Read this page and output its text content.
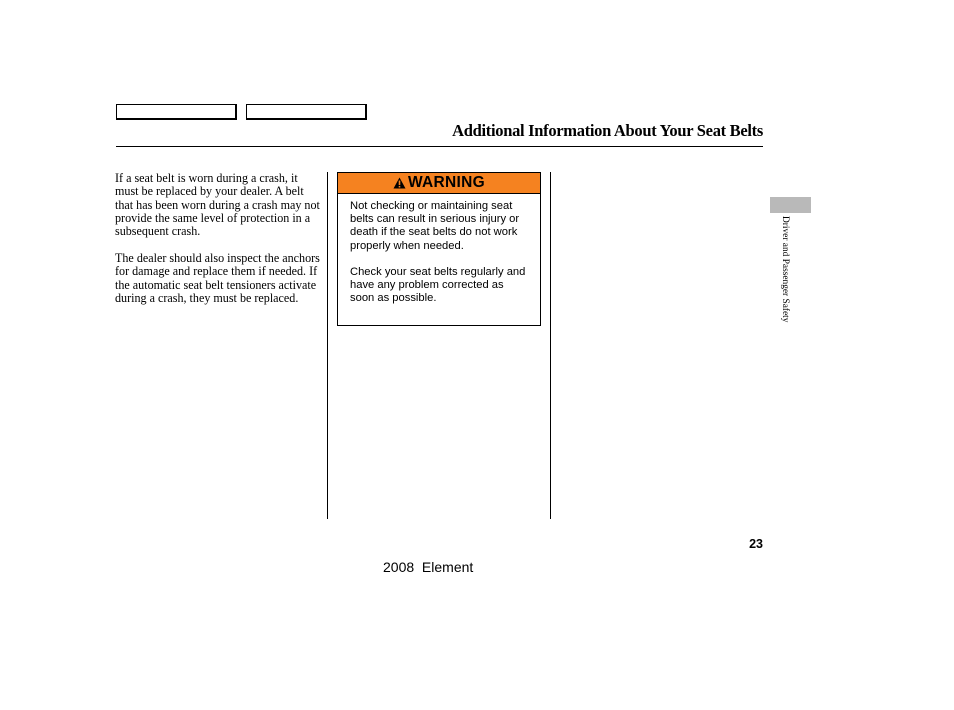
Additional Information About Your Seat Belts

If a seat belt is worn during a crash, it must be replaced by your dealer. A belt that has been worn during a crash may not provide the same level of protection in a subsequent crash.

The dealer should also inspect the anchors for damage and replace them if needed. If the automatic seat belt tensioners activate during a crash, they must be replaced.

WARNING

Not checking or maintaining seat belts can result in serious injury or death if the seat belts do not work properly when needed.

Check your seat belts regularly and have any problem corrected as soon as possible.	Driver and Passenger Safety
23
2008  Element
